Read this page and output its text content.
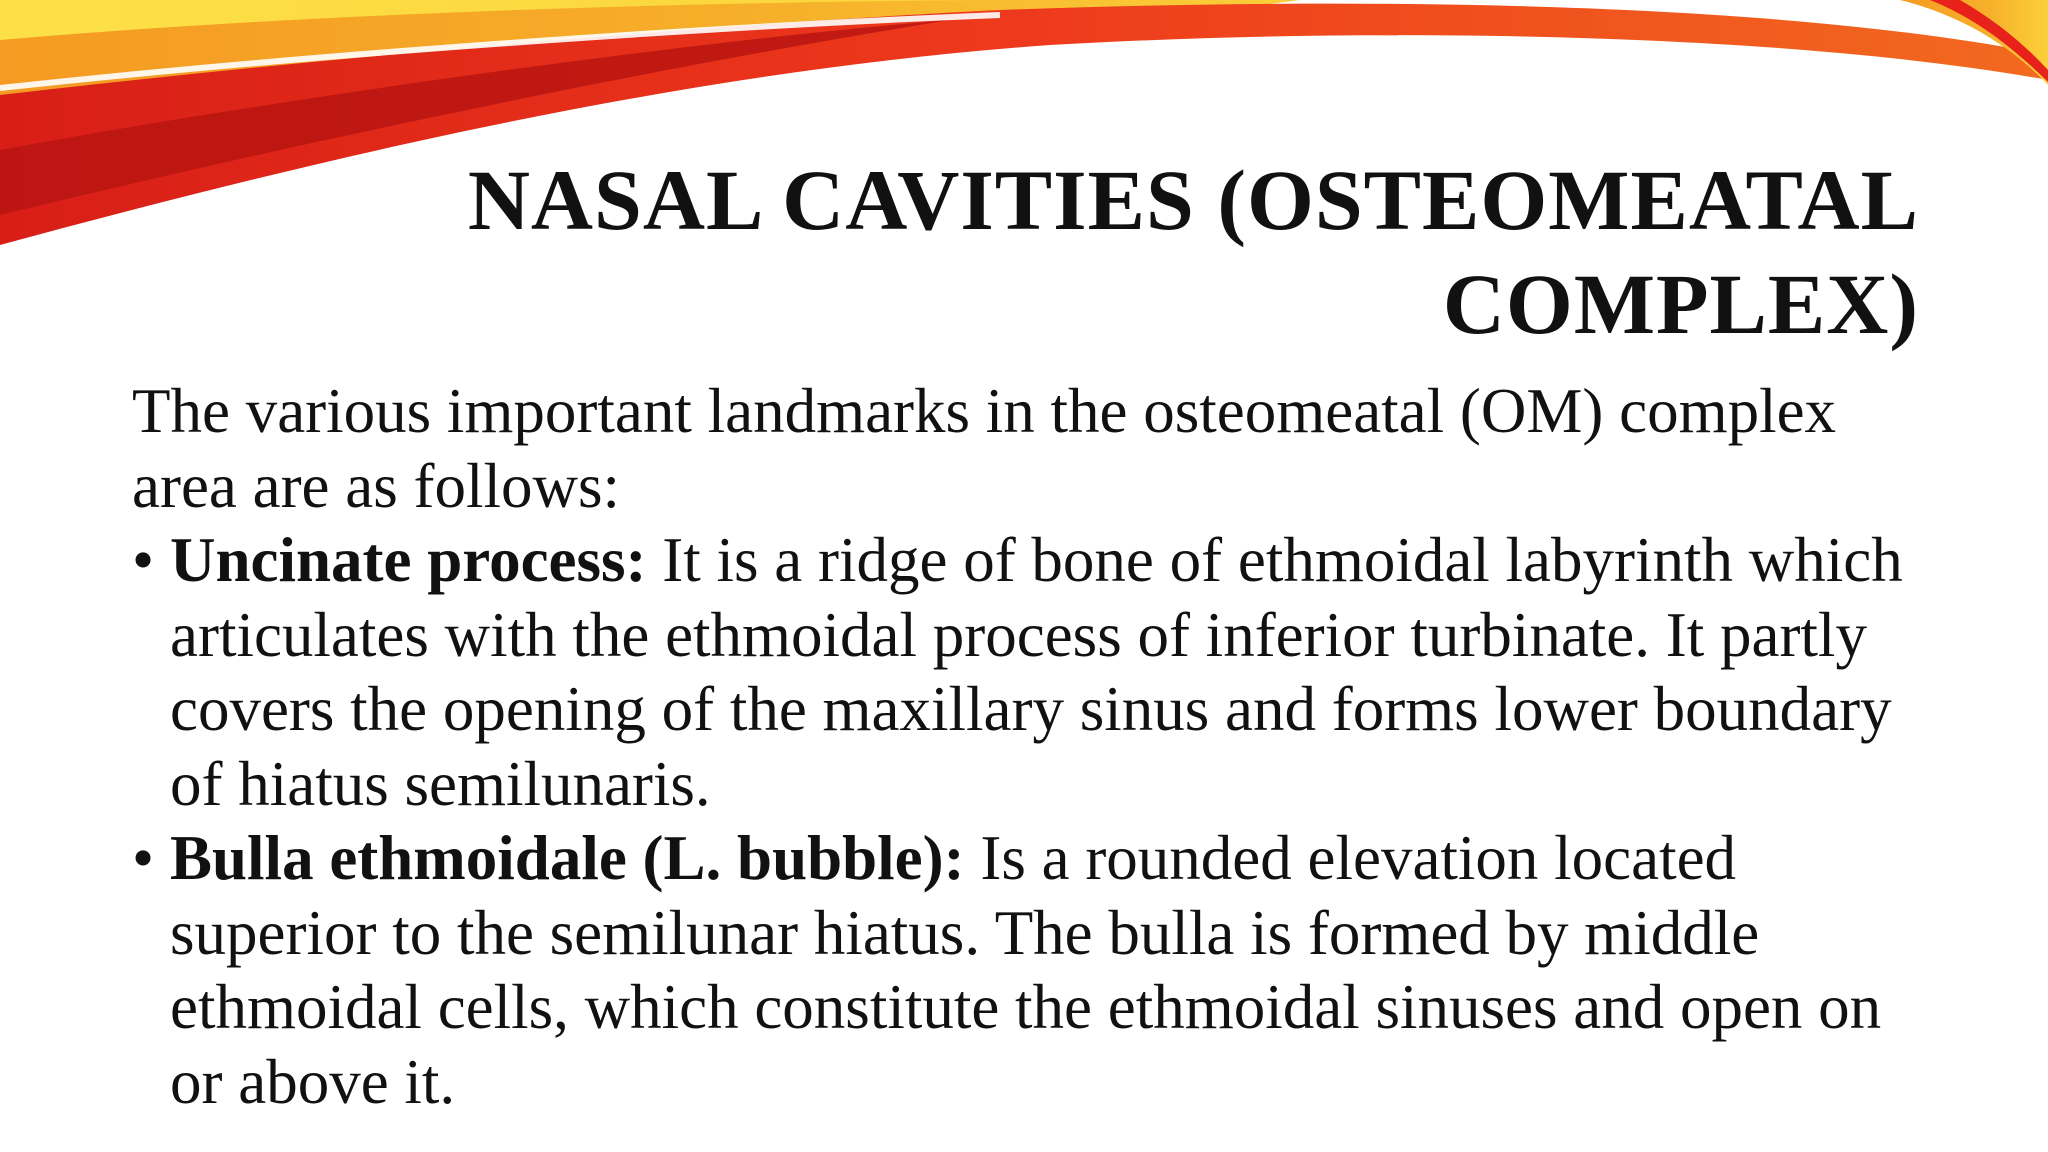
NASAL CAVITIES (OSTEOMEATAL
COMPLEX)

The various important landmarks in the osteomeatal (OM) complex area are as follows:

• Uncinate process: It is a ridge of bone of ethmoidal labyrinth which articulates with the ethmoidal process of inferior turbinate. It partly covers the opening of the maxillary sinus and forms lower boundary of hiatus semilunaris.
• Bulla ethmoidale (L. bubble): Is a rounded elevation located superior to the semilunar hiatus. The bulla is formed by middle ethmoidal cells, which constitute the ethmoidal sinuses and open on or above it.
